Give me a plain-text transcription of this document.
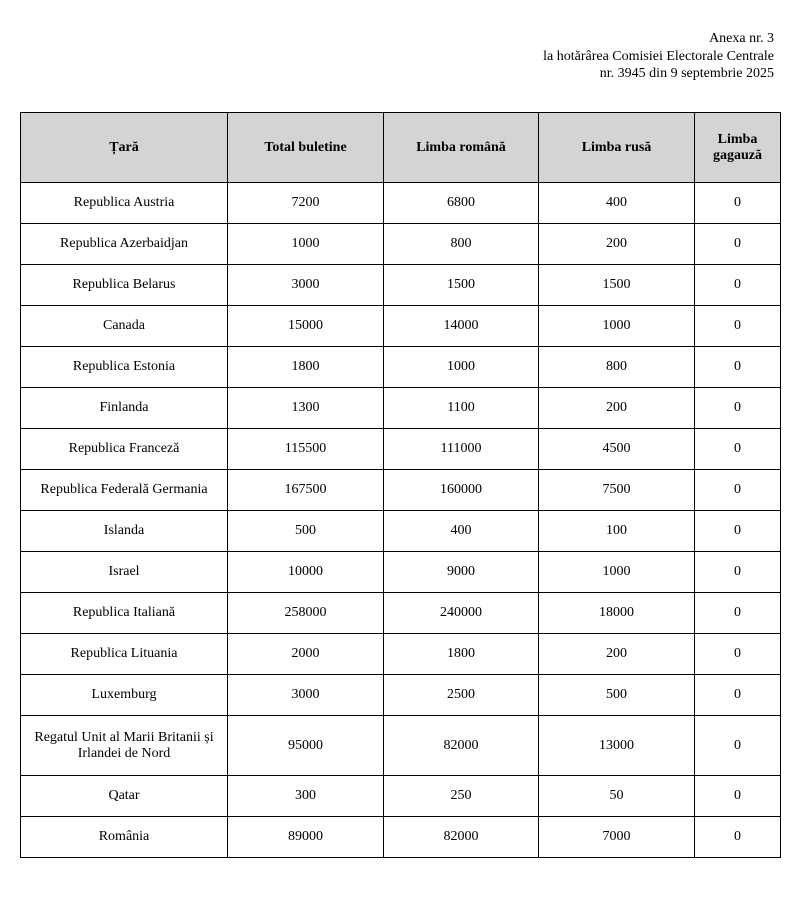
Anexa nr. 3
la hotărârea Comisiei Electorale Centrale
nr. 3945 din 9 septembrie 2025
Țară	Total buletine	Limba română	Limba rusă	Limba gagauză
Republica Austria	7200	6800	400	0
Republica Azerbaidjan	1000	800	200	0
Republica Belarus	3000	1500	1500	0
Canada	15000	14000	1000	0
Republica Estonia	1800	1000	800	0
Finlanda	1300	1100	200	0
Republica Franceză	115500	111000	4500	0
Republica Federală Germania	167500	160000	7500	0
Islanda	500	400	100	0
Israel	10000	9000	1000	0
Republica Italiană	258000	240000	18000	0
Republica Lituania	2000	1800	200	0
Luxemburg	3000	2500	500	0
Regatul Unit al Marii Britanii și Irlandei de Nord	95000	82000	13000	0
Qatar	300	250	50	0
România	89000	82000	7000	0
